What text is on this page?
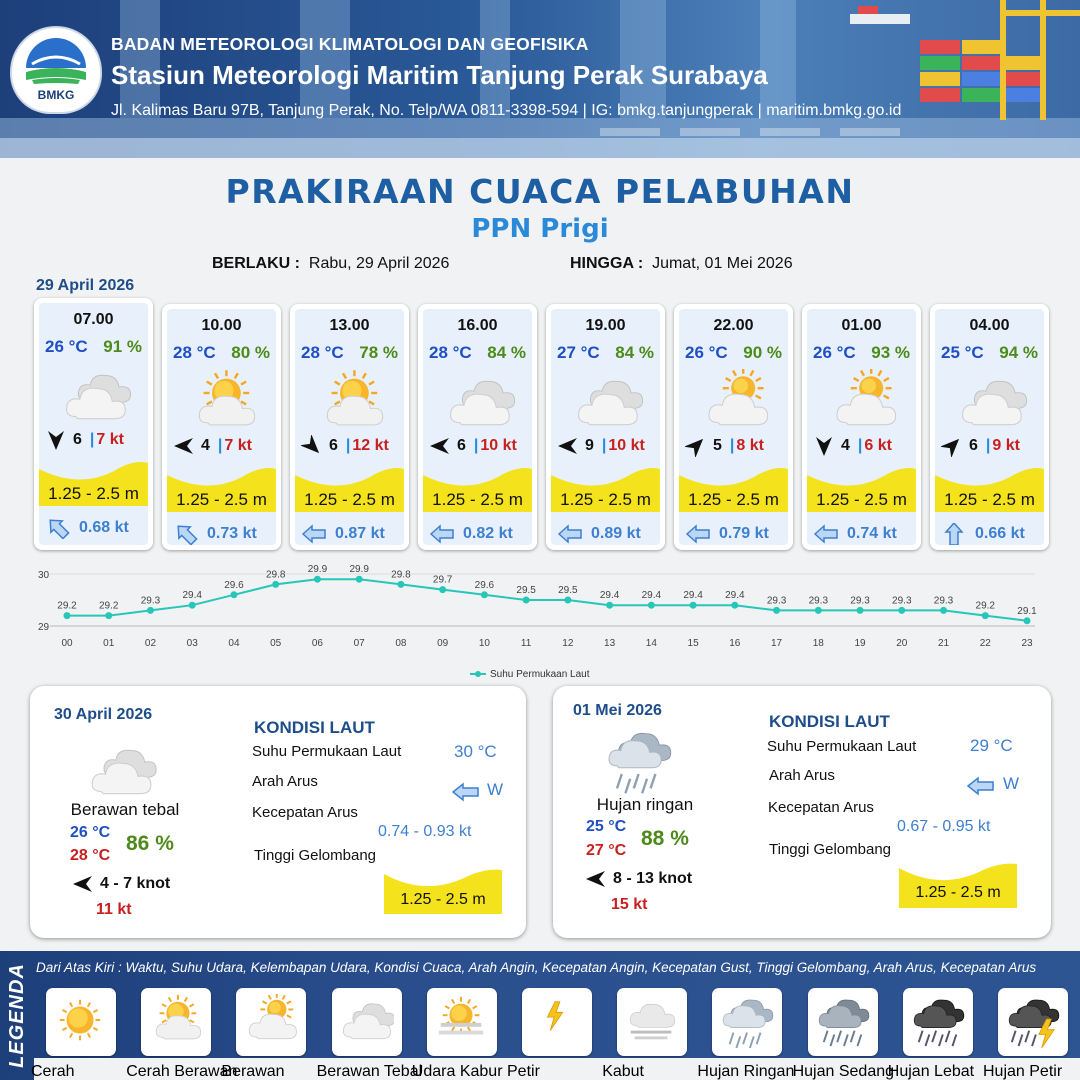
BMKG
BADAN METEOROLOGI KLIMATOLOGI DAN GEOFISIKA
Stasiun Meteorologi Maritim Tanjung Perak Surabaya
Jl. Kalimas Baru 97B, Tanjung Perak, No. Telp/WA 0811-3398-594 | IG: bmkg.tanjungperak | maritim.bmkg.go.id
PRAKIRAAN CUACA PELABUHAN
PPN Prigi
BERLAKU : Rabu, 29 April 2026	HINGGA : Jumat, 01 Mei 2026
29 April 2026
07.00
26 °C 91 %
6 | 7 kt
1.25 - 2.5 m
0.68 kt
10.00
28 °C 80 %
4 | 7 kt
1.25 - 2.5 m
0.73 kt
13.00
28 °C 78 %
6 | 12 kt
1.25 - 2.5 m
0.87 kt
16.00
28 °C 84 %
6 | 10 kt
1.25 - 2.5 m
0.82 kt
19.00
27 °C 84 %
9 | 10 kt
1.25 - 2.5 m
0.89 kt
22.00
26 °C 90 %
5 | 8 kt
1.25 - 2.5 m
0.79 kt
01.00
26 °C 93 %
4 | 6 kt
1.25 - 2.5 m
0.74 kt
04.00
25 °C 94 %
6 | 9 kt
1.25 - 2.5 m
0.66 kt
29
30
29.2 29.2 29.3 29.4
29.6
29.8 29.9 29.9 29.8 29.7 29.6 29.5 29.5 29.4 29.4 29.4 29.4 29.3 29.3 29.3 29.3 29.3 29.2 29.1
00	01	02	03	04	05	06	07	08	09	10	11	12	13	14	15	16	17	18	19	20	21	22	23
Suhu Permukaan Laut
30 April 2026
Berawan tebal
26 °C
28 °C
86 %
4 - 7 knot
11 kt
KONDISI LAUT
Suhu Permukaan Laut	30 °C
Arah Arus	W
Kecepatan Arus
0.74 - 0.93 kt
Tinggi Gelombang
1.25 - 2.5 m
01 Mei 2026
Hujan ringan
25 °C
27 °C
88 %
8 - 13 knot
15 kt
KONDISI LAUT
Suhu Permukaan Laut	29 °C
Arah Arus	W
Kecepatan Arus
0.67 - 0.95 kt
Tinggi Gelombang
1.25 - 2.5 m
LEGENDA Dari Atas Kiri : Waktu, Suhu Udara, Kelembapan Udara, Kondisi Cuaca, Arah Angin, Kecepatan Angin, Kecepatan Gust, Tinggi Gelombang, Arah Arus, Kecepatan Arus
Cerah	Cerah Berawan
Berawan Berawan Tebal
Udara Kabur Petir	Kabut	Hujan Ringan
Hujan Sedang
Hujan Lebat Hujan Petir
